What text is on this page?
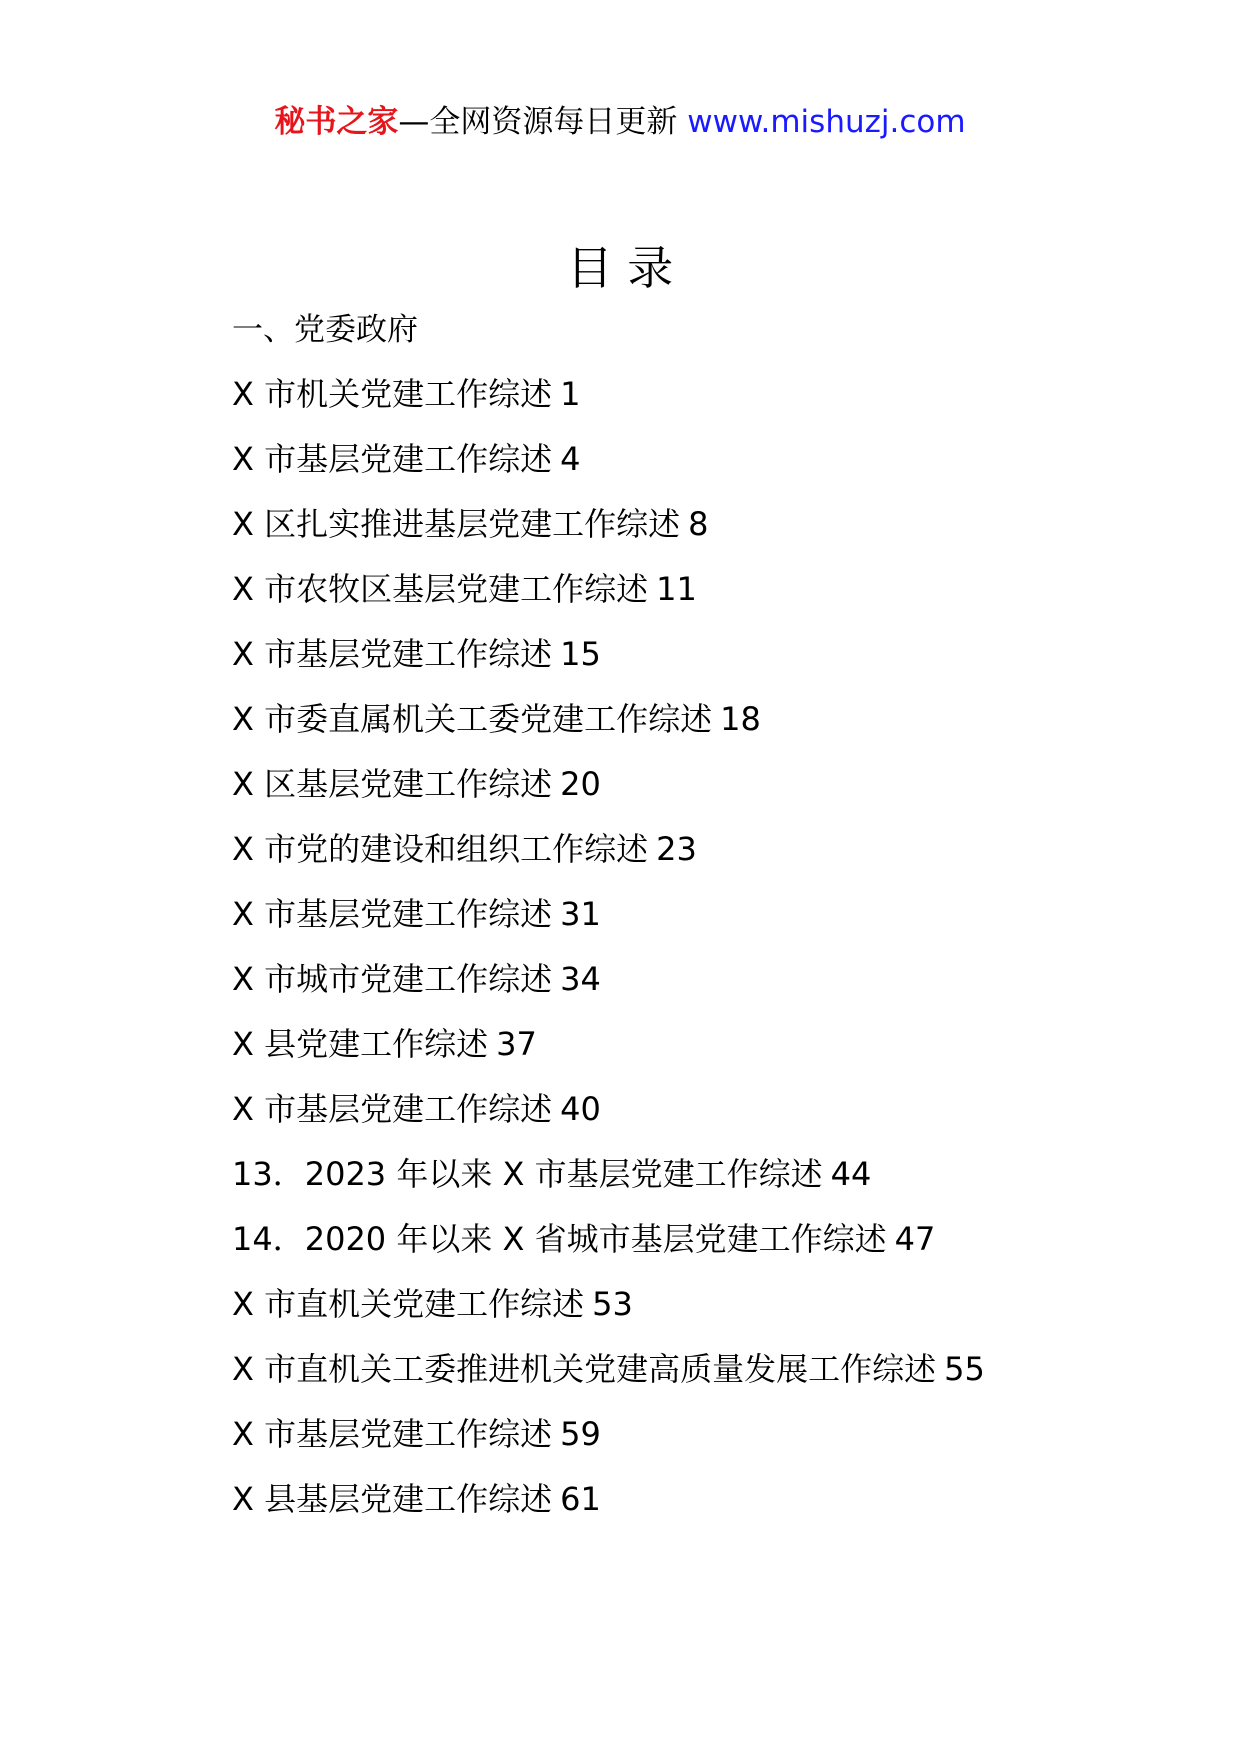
秘书之家—全网资源每日更新 www.mishuzj.com
目 录
一、党委政府
X 市机关党建工作综述 1
X 市基层党建工作综述 4
X 区扎实推进基层党建工作综述 8
X 市农牧区基层党建工作综述 11
X 市基层党建工作综述 15
X 市委直属机关工委党建工作综述 18
X 区基层党建工作综述 20
X 市党的建设和组织工作综述 23
X 市基层党建工作综述 31
X 市城市党建工作综述 34
X 县党建工作综述 37
X 市基层党建工作综述 40
13．2023 年以来 X 市基层党建工作综述 44
14．2020 年以来 X 省城市基层党建工作综述 47
X 市直机关党建工作综述 53
X 市直机关工委推进机关党建高质量发展工作综述 55
X 市基层党建工作综述 59
X 县基层党建工作综述 61
